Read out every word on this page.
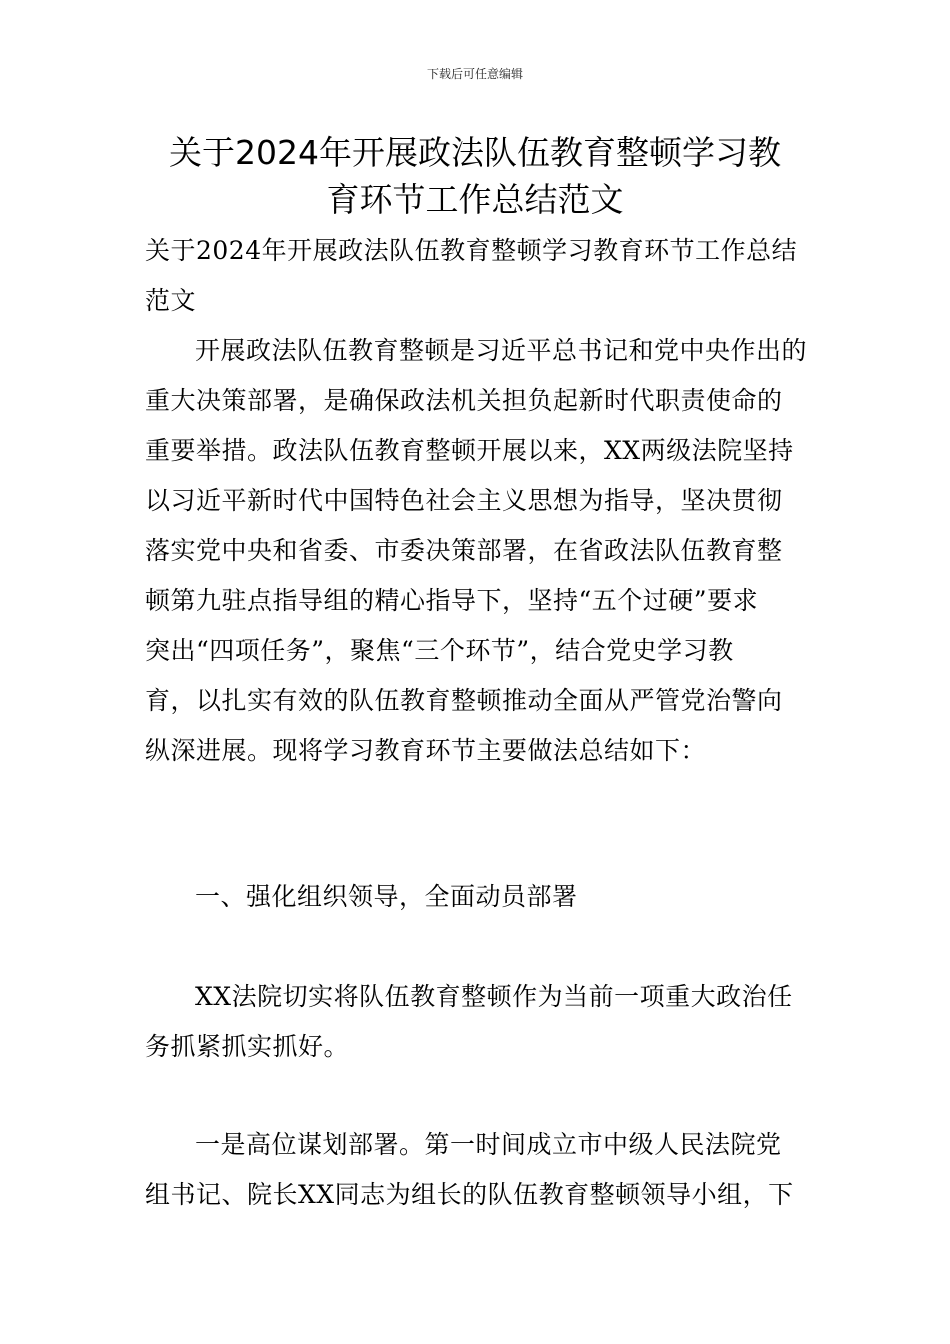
下载后可任意编辑
关于2024年开展政法队伍教育整顿学习教
育环节工作总结范文
关于2024年开展政法队伍教育整顿学习教育环节工作总结
范文
开展政法队伍教育整顿是习近平总书记和党中央作出的
重大决策部署，是确保政法机关担负起新时代职责使命的
重要举措。政法队伍教育整顿开展以来，XX两级法院坚持
以习近平新时代中国特色社会主义思想为指导，坚决贯彻
落实党中央和省委、市委决策部署，在省政法队伍教育整
顿第九驻点指导组的精心指导下，坚持“五个过硬”要求
突出“四项任务”，聚焦“三个环节”，结合党史学习教
育，以扎实有效的队伍教育整顿推动全面从严管党治警向
纵深进展。现将学习教育环节主要做法总结如下：
一、强化组织领导，全面动员部署
XX法院切实将队伍教育整顿作为当前一项重大政治任
务抓紧抓实抓好。
一是高位谋划部署。第一时间成立市中级人民法院党
组书记、院长XX同志为组长的队伍教育整顿领导小组，下
